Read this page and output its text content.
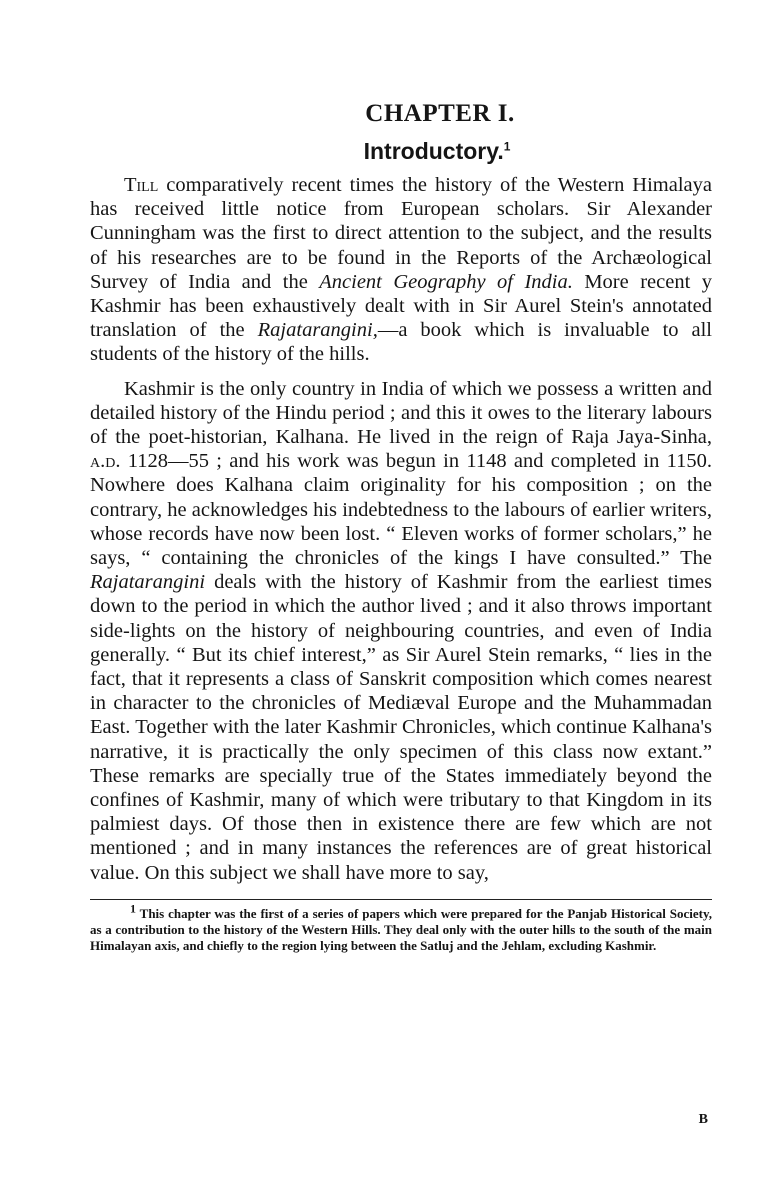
CHAPTER I.
Introductory.$^1$

Till comparatively recent times the history of the Western Himalaya has received little notice from European scholars. Sir Alexander Cunningham was the first to direct attention to the subject, and the results of his researches are to be found in the Reports of the Archæological Survey of India and the Ancient Geography of India. More recent y Kashmir has been exhaustively dealt with in Sir Aurel Stein's annotated translation of the Rajatarangini,—a book which is invaluable to all students of the history of the hills.

Kashmir is the only country in India of which we possess a written and detailed history of the Hindu period ; and this it owes to the literary labours of the poet-historian, Kalhana. He lived in the reign of Raja Jaya-Sinha, a.d. 1128—55 ; and his work was begun in 1148 and completed in 1150. Nowhere does Kalhana claim originality for his composition ; on the contrary, he acknowledges his indebtedness to the labours of earlier writers, whose records have now been lost. “ Eleven works of former scholars,” he says, “ containing the chronicles of the kings I have consulted.” The Rajatarangini deals with the history of Kashmir from the earliest times down to the period in which the author lived ; and it also throws important side-lights on the history of neighbouring countries, and even of India generally. “ But its chief interest,” as Sir Aurel Stein remarks, “ lies in the fact, that it represents a class of Sanskrit composition which comes nearest in character to the chronicles of Mediæval Europe and the Muhammadan East. Together with the later Kashmir Chronicles, which continue Kalhana's narrative, it is practically the only specimen of this class now extant.” These remarks are specially true of the States immediately beyond the confines of Kashmir, many of which were tributary to that Kingdom in its palmiest days. Of those then in existence there are few which are not mentioned ; and in many instances the references are of great historical value. On this subject we shall have more to say,

$^1$ This chapter was the first of a series of papers which were prepared for the Panjab Historical Society, as a contribution to the history of the Western Hills. They deal only with the outer hills to the south of the main Himalayan axis, and chiefly to the region lying between the Satluj and the Jehlam, excluding Kashmir.

B
